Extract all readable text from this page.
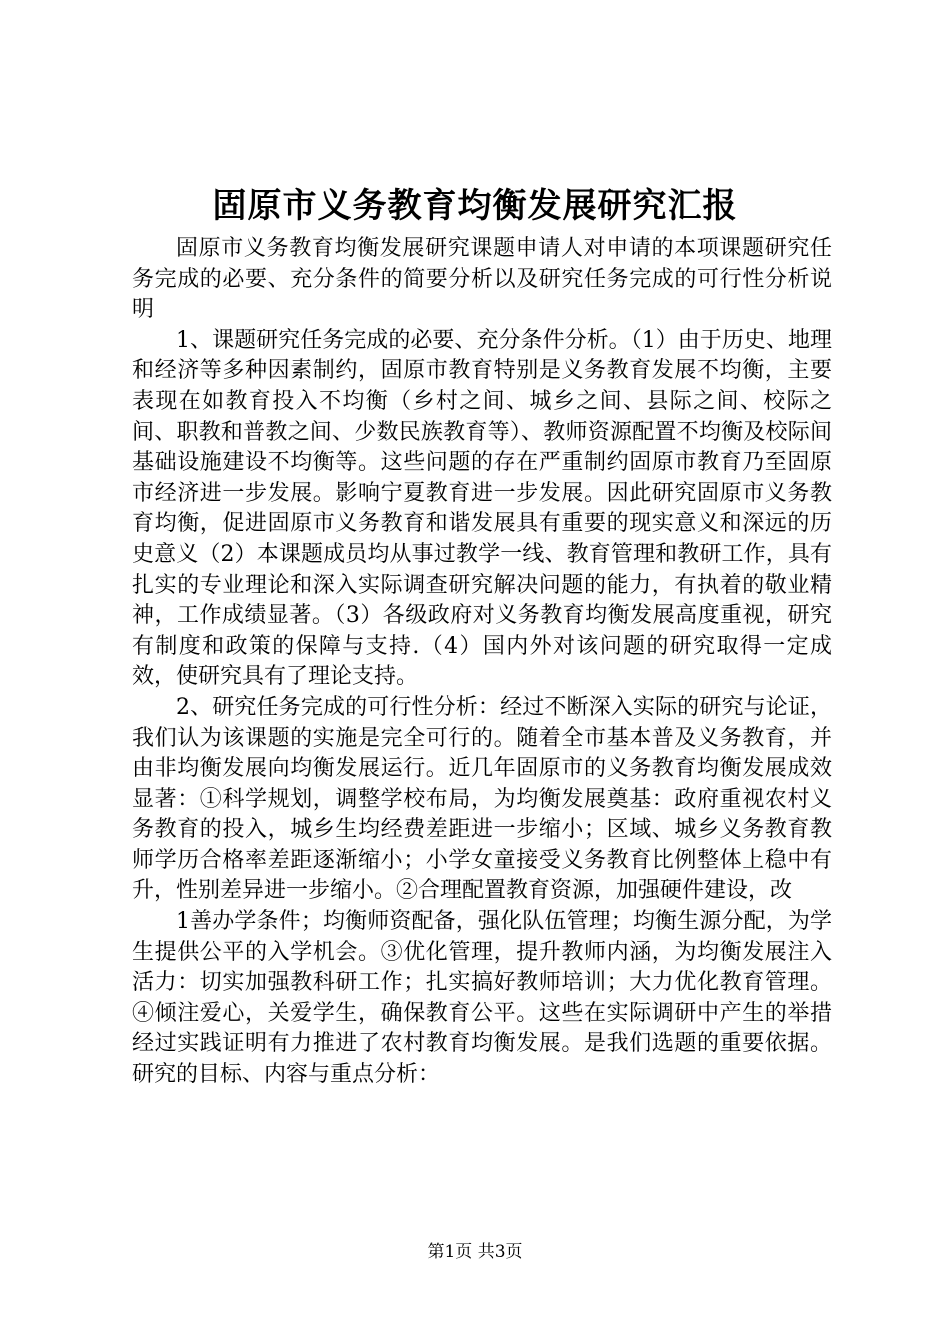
固原市义务教育均衡发展研究汇报

固原市义务教育均衡发展研究课题申请人对申请的本项课题研究任务完成的必要、充分条件的简要分析以及研究任务完成的可行性分析说明

1、课题研究任务完成的必要、充分条件分析。（1）由于历史、地理和经济等多种因素制约，固原市教育特别是义务教育发展不均衡，主要表现在如教育投入不均衡（乡村之间、城乡之间、县际之间、校际之间、职教和普教之间、少数民族教育等）、教师资源配置不均衡及校际间基础设施建设不均衡等。这些问题的存在严重制约固原市教育乃至固原市经济进一步发展。影响宁夏教育进一步发展。因此研究固原市义务教育均衡，促进固原市义务教育和谐发展具有重要的现实意义和深远的历史意义（2）本课题成员均从事过教学一线、教育管理和教研工作，具有扎实的专业理论和深入实际调查研究解决问题的能力，有执着的敬业精神，工作成绩显著。（3）各级政府对义务教育均衡发展高度重视，研究有制度和政策的保障与支持.（4）国内外对该问题的研究取得一定成效，使研究具有了理论支持。

2、研究任务完成的可行性分析：经过不断深入实际的研究与论证，我们认为该课题的实施是完全可行的。随着全市基本普及义务教育，并由非均衡发展向均衡发展运行。近几年固原市的义务教育均衡发展成效显著：①科学规划，调整学校布局，为均衡发展奠基：政府重视农村义务教育的投入，城乡生均经费差距进一步缩小；区域、城乡义务教育教师学历合格率差距逐渐缩小；小学女童接受义务教育比例整体上稳中有升，性别差异进一步缩小。②合理配置教育资源，加强硬件建设，改

1善办学条件；均衡师资配备，强化队伍管理；均衡生源分配，为学生提供公平的入学机会。③优化管理，提升教师内涵，为均衡发展注入活力：切实加强教科研工作；扎实搞好教师培训；大力优化教育管理。④倾注爱心，关爱学生，确保教育公平。这些在实际调研中产生的举措经过实践证明有力推进了农村教育均衡发展。是我们选题的重要依据。研究的目标、内容与重点分析：

第1页 共3页
